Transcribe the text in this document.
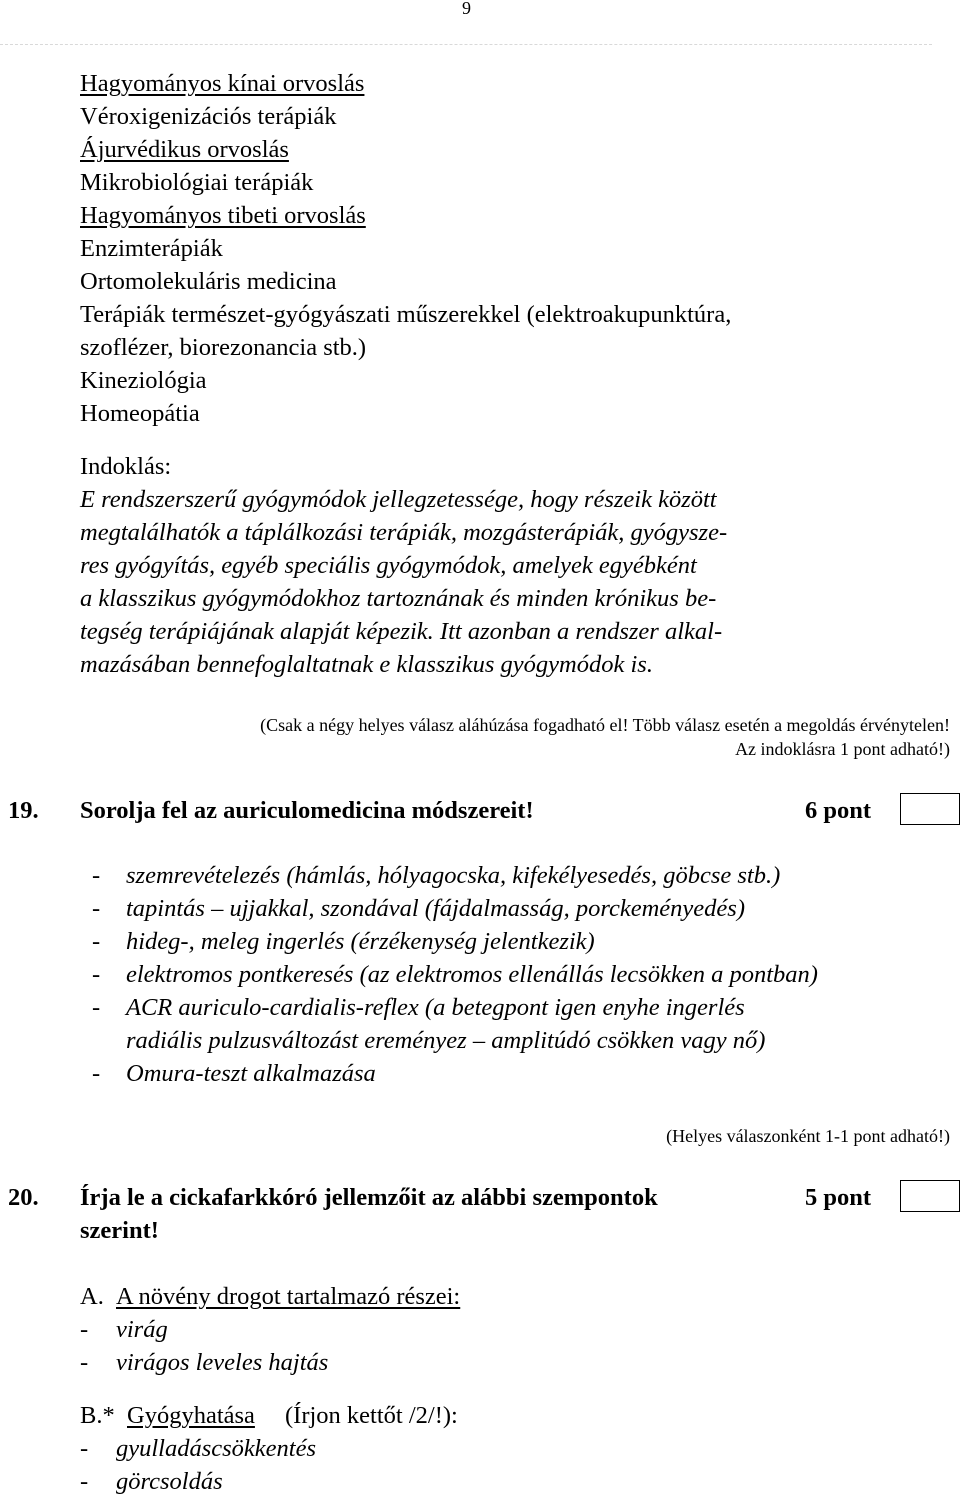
9
Hagyományos kínai orvoslás
Véroxigenizációs terápiák
Ájurvédikus orvoslás
Mikrobiológiai terápiák
Hagyományos tibeti orvoslás
Enzimterápiák
Ortomolekuláris medicina
Terápiák természet-gyógyászati műszerekkel (elektroakupunktúra,
szoflézer, biorezonancia stb.)
Kineziológia
Homeopátia
Indoklás:
E rendszerszerű gyógymódok jellegzetessége, hogy részeik között
megtalálhatók a táplálkozási terápiák, mozgásterápiák, gyógysze-
res gyógyítás, egyéb speciális gyógymódok, amelyek egyébként
a klasszikus gyógymódokhoz tartoznának és minden krónikus be-
tegség terápiájának alapját képezik. Itt azonban a rendszer alkal-
mazásában bennefoglaltatnak e klasszikus gyógymódok is.
(Csak a négy helyes válasz aláhúzása fogadható el! Több válasz esetén a megoldás érvénytelen!
Az indoklásra 1 pont adható!)
19. Sorolja fel az auriculomedicina módszereit!	6 pont
- szemrevételezés (hámlás, hólyagocska, kifekélyesedés, göbcse stb.)
- tapintás – ujjakkal, szondával (fájdalmasság, porckeményedés)
- hideg-, meleg ingerlés (érzékenység jelentkezik)
- elektromos pontkeresés (az elektromos ellenállás lecsökken a pontban)
- ACR auriculo-cardialis-reflex (a betegpont igen enyhe ingerlés
radiális pulzusváltozást ereményez – amplitúdó csökken vagy nő)
- Omura-teszt alkalmazása
(Helyes válaszonként 1-1 pont adható!)
20. Írja le a cickafarkkóró jellemzőit az alábbi szempontok	5 pont
szerint!
A. A növény drogot tartalmazó részei:
- virág
- virágos leveles hajtás
B.* Gyógyhatása (Írjon kettőt /2/!):
- gyulladáscsökkentés
- görcsoldás
